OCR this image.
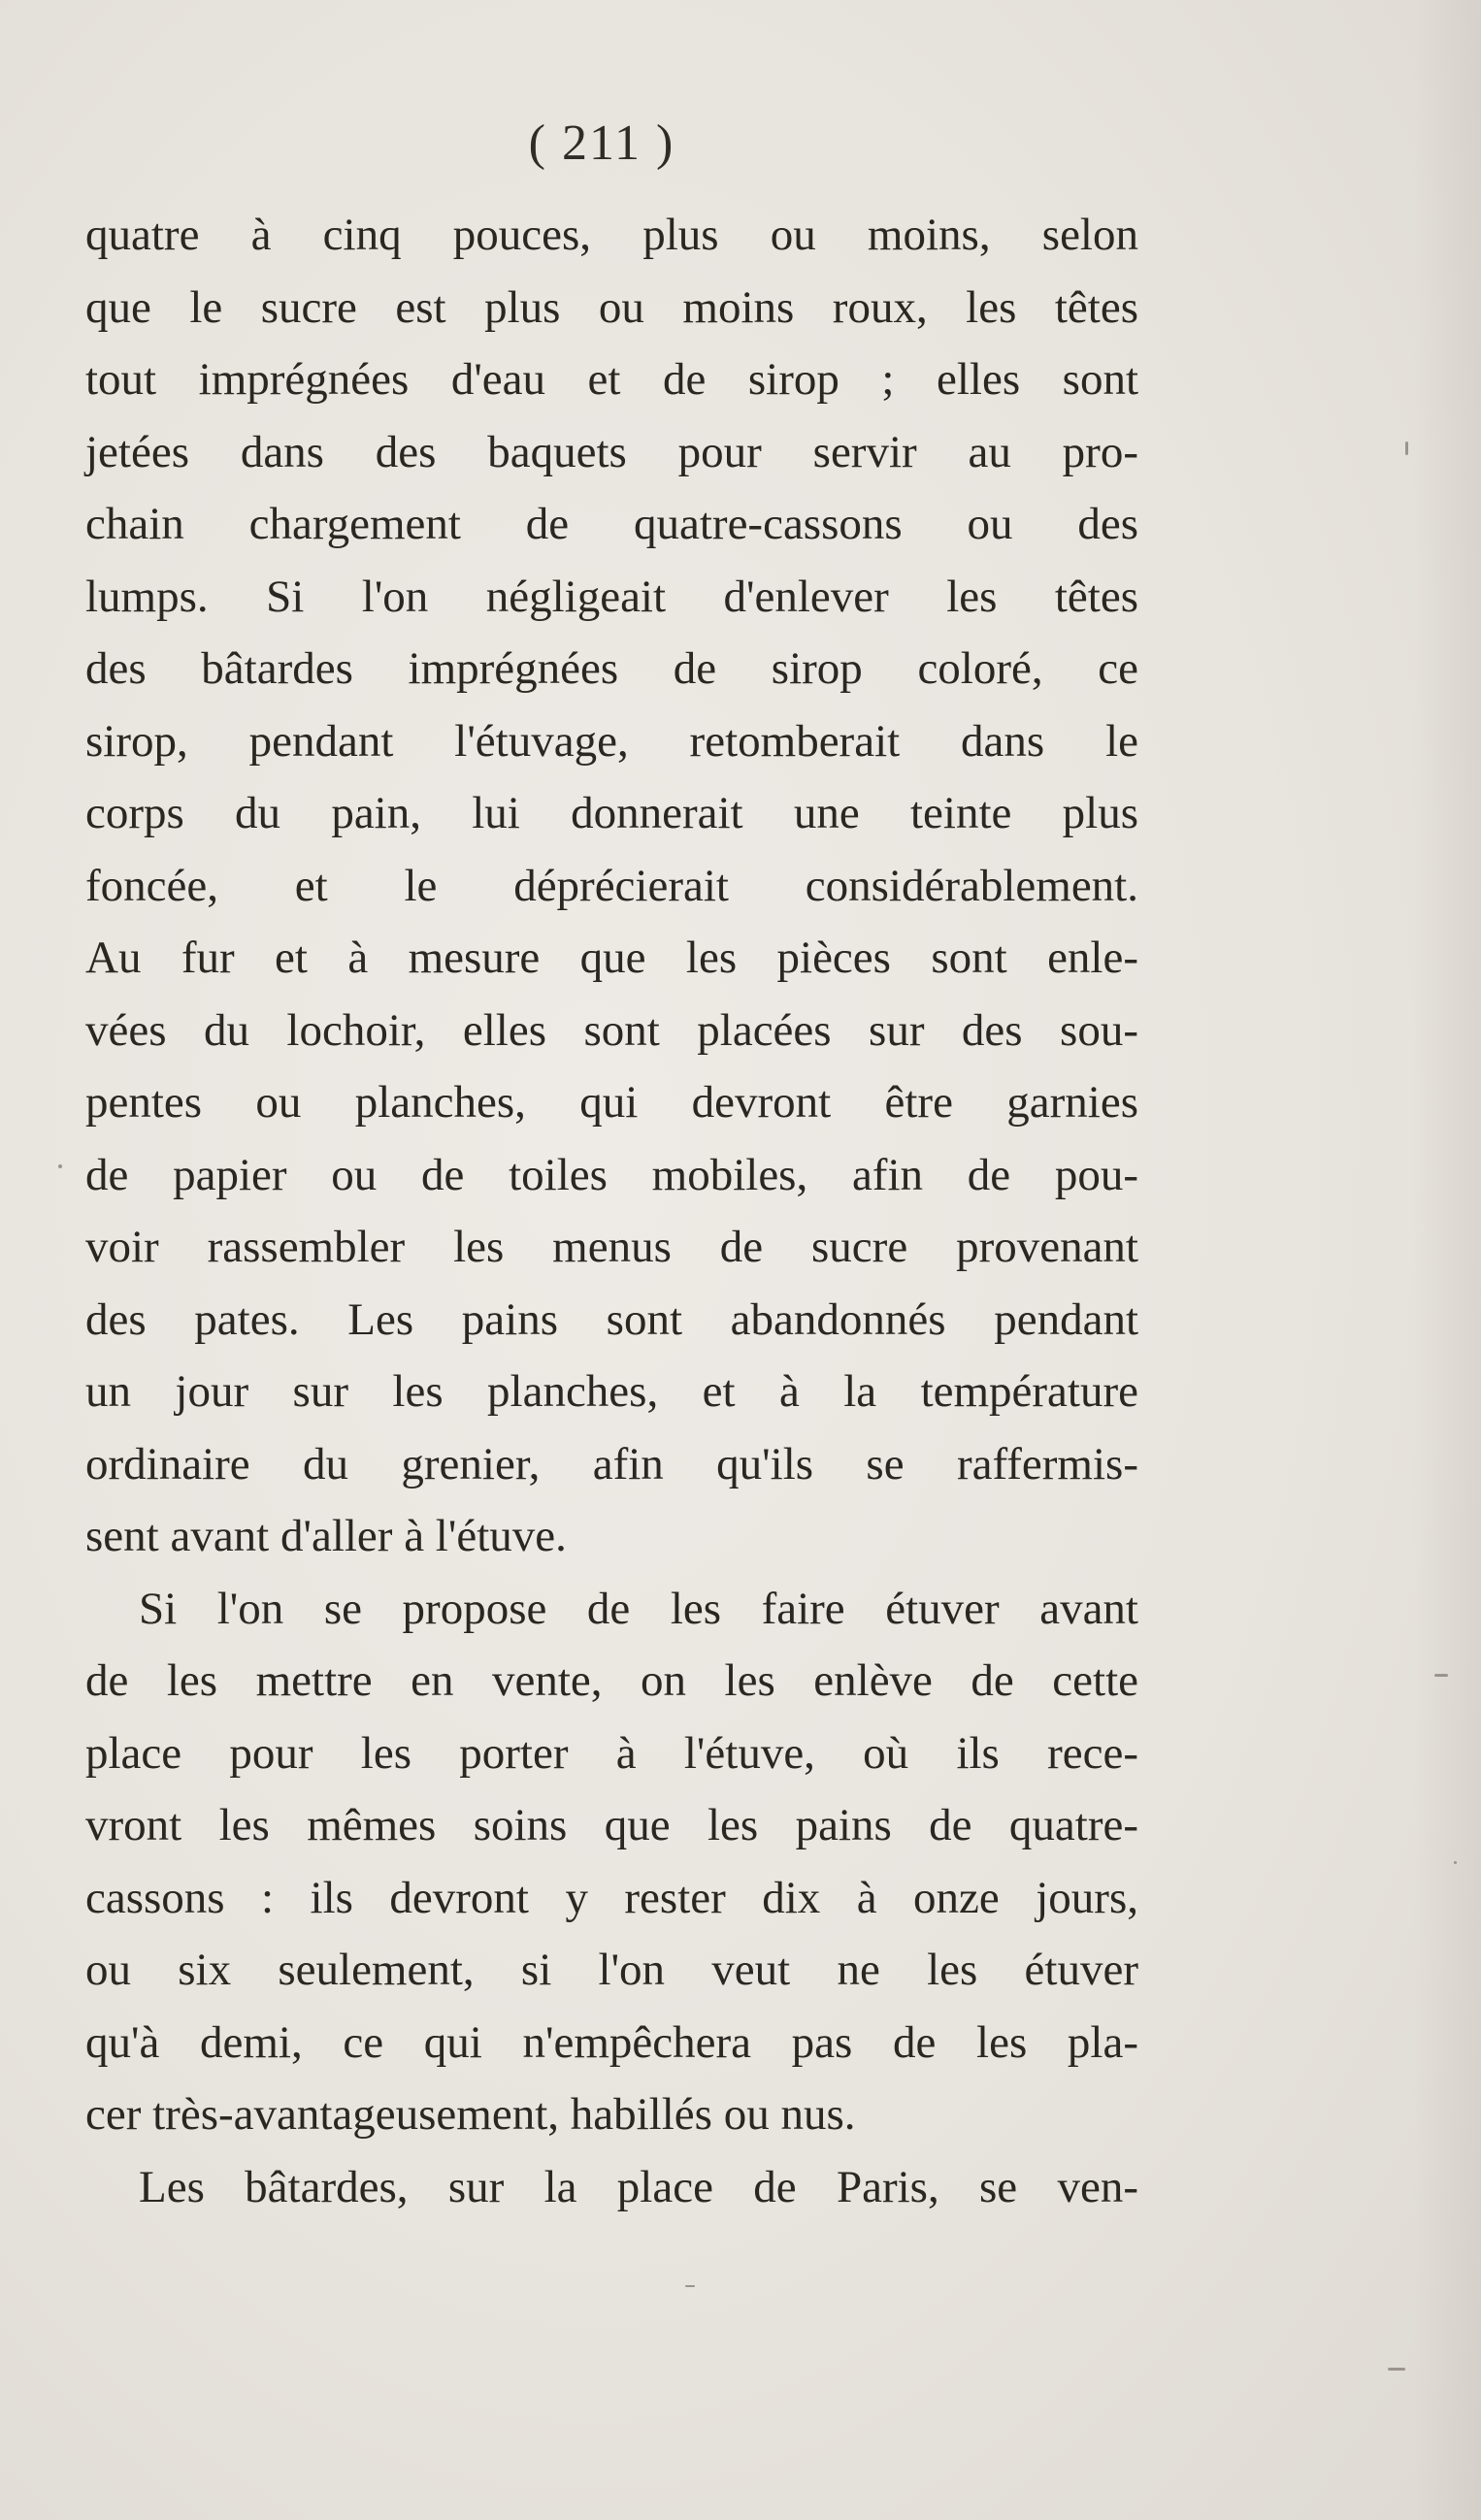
( 211 )

quatre à cinq pouces, plus ou moins, selon
que le sucre est plus ou moins roux, les têtes
tout imprégnées d'eau et de sirop ; elles sont
jetées dans des baquets pour servir au pro-
chain chargement de quatre-cassons ou des
lumps. Si l'on négligeait d'enlever les têtes
des bâtardes imprégnées de sirop coloré, ce
sirop, pendant l'étuvage, retomberait dans le
corps du pain, lui donnerait une teinte plus
foncée, et le déprécierait considérablement.
Au fur et à mesure que les pièces sont enle-
vées du lochoir, elles sont placées sur des sou-
pentes ou planches, qui devront être garnies
de papier ou de toiles mobiles, afin de pou-
voir rassembler les menus de sucre provenant
des pates. Les pains sont abandonnés pendant
un jour sur les planches, et à la température
ordinaire du grenier, afin qu'ils se raffermis-
sent avant d'aller à l'étuve.
Si l'on se propose de les faire étuver avant
de les mettre en vente, on les enlève de cette
place pour les porter à l'étuve, où ils rece-
vront les mêmes soins que les pains de quatre-
cassons : ils devront y rester dix à onze jours,
ou six seulement, si l'on veut ne les étuver
qu'à demi, ce qui n'empêchera pas de les pla-
cer très-avantageusement, habillés ou nus.
Les bâtardes, sur la place de Paris, se ven-
